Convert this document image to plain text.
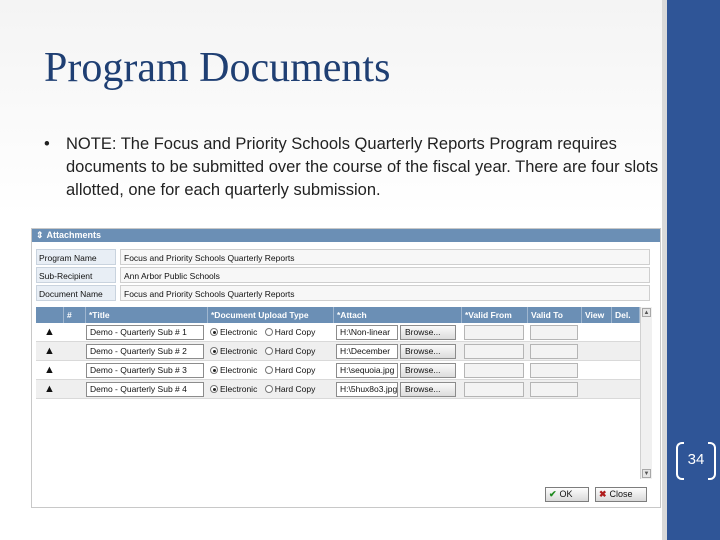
Program Documents
• NOTE: The Focus and Priority Schools Quarterly Reports Program requires documents to be submitted over the course of the fiscal year. There are four slots allotted, one for each quarterly submission.
34
⇕ Attachments
Program Name	Focus and Priority Schools Quarterly Reports
Sub-Recipient	Ann Arbor Public Schools
Document Name	Focus and Priority Schools Quarterly Reports
#	*Title	*Document Upload Type	*Attach	*Valid From	Valid To	View	Del.
▲	Demo - Quarterly Sub # 1	Electronic Hard Copy	H:\Non-linear	Browse...
▲	Demo - Quarterly Sub # 2	Electronic Hard Copy	H:\December	Browse...
▲	Demo - Quarterly Sub # 3	Electronic Hard Copy	H:\sequoia.jpg	Browse...
▲	Demo - Quarterly Sub # 4	Electronic Hard Copy	H:\5hux8o3.jpg Browse...
▲
▼
✔ OK	✖ Close
